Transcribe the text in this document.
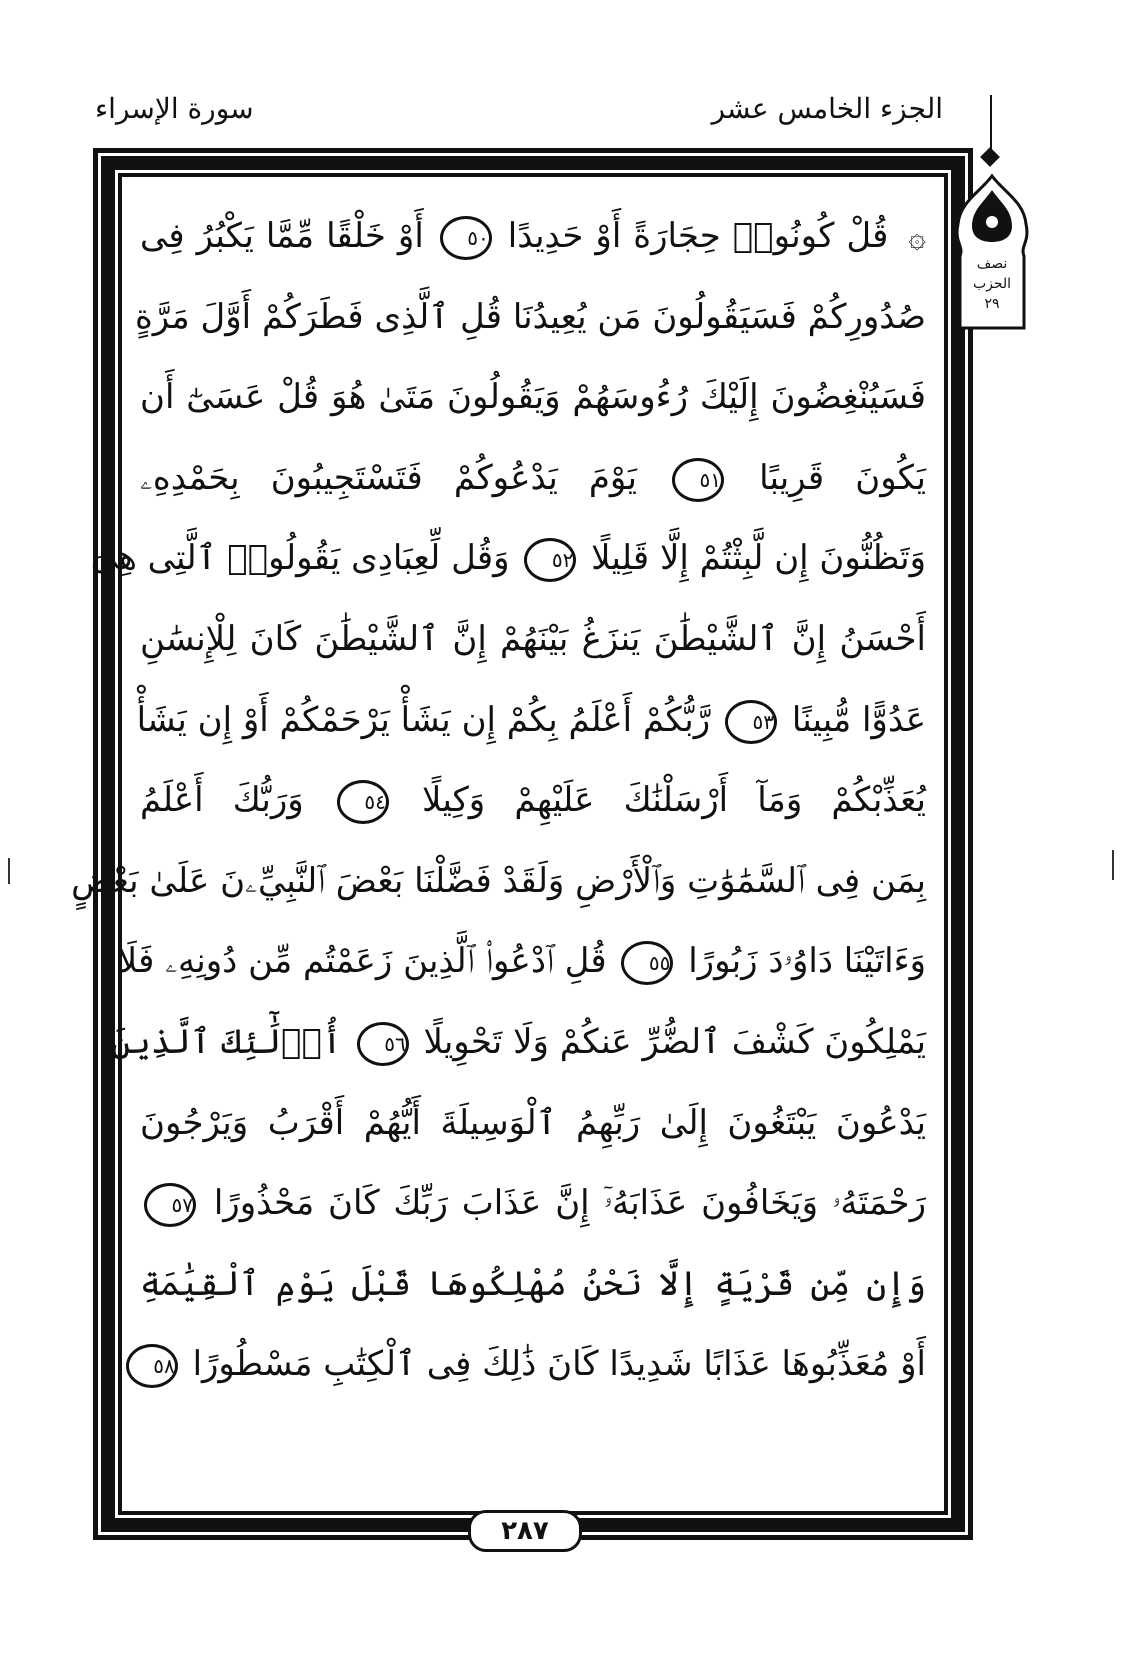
الجزء الخامس عشر
سورة الإسراء
۞ قُلْ كُونُوا۟ حِجَارَةً أَوْ حَدِيدًا ٥٠ أَوْ خَلْقًا مِّمَّا يَكْبُرُ فِى
صُدُورِكُمْ فَسَيَقُولُونَ مَن يُعِيدُنَا قُلِ ٱلَّذِى فَطَرَكُمْ أَوَّلَ مَرَّةٍ
فَسَيُنْغِضُونَ إِلَيْكَ رُءُوسَهُمْ وَيَقُولُونَ مَتَىٰ هُوَ قُلْ عَسَىٰٓ أَن
يَكُونَ قَرِيبًا ٥١ يَوْمَ يَدْعُوكُمْ فَتَسْتَجِيبُونَ بِحَمْدِهِۦ
وَتَظُنُّونَ إِن لَّبِثْتُمْ إِلَّا قَلِيلًا ٥٢ وَقُل لِّعِبَادِى يَقُولُوا۟ ٱلَّتِى هِىَ
أَحْسَنُ إِنَّ ٱلشَّيْطَٰنَ يَنزَغُ بَيْنَهُمْ إِنَّ ٱلشَّيْطَٰنَ كَانَ لِلْإِنسَٰنِ
عَدُوًّا مُّبِينًا ٥٣ رَّبُّكُمْ أَعْلَمُ بِكُمْ إِن يَشَأْ يَرْحَمْكُمْ أَوْ إِن يَشَأْ
يُعَذِّبْكُمْ وَمَآ أَرْسَلْنَٰكَ عَلَيْهِمْ وَكِيلًا ٥٤ وَرَبُّكَ أَعْلَمُ
بِمَن فِى ٱلسَّمَٰوَٰتِ وَٱلْأَرْضِ وَلَقَدْ فَضَّلْنَا بَعْضَ ٱلنَّبِيِّۦنَ عَلَىٰ بَعْضٍ
وَءَاتَيْنَا دَاوُۥدَ زَبُورًا ٥٥ قُلِ ٱدْعُوا۟ ٱلَّذِينَ زَعَمْتُم مِّن دُونِهِۦ فَلَا
يَمْلِكُونَ كَشْفَ ٱلضُّرِّ عَنكُمْ وَلَا تَحْوِيلًا ٥٦ أُو۟لَٰٓئِكَ ٱلَّذِينَ
يَدْعُونَ يَبْتَغُونَ إِلَىٰ رَبِّهِمُ ٱلْوَسِيلَةَ أَيُّهُمْ أَقْرَبُ وَيَرْجُونَ
رَحْمَتَهُۥ وَيَخَافُونَ عَذَابَهُۥٓ إِنَّ عَذَابَ رَبِّكَ كَانَ مَحْذُورًا ٥٧
وَإِن مِّن قَرْيَةٍ إِلَّا نَحْنُ مُهْلِكُوهَا قَبْلَ يَوْمِ ٱلْقِيَٰمَةِ
أَوْ مُعَذِّبُوهَا عَذَابًا شَدِيدًا كَانَ ذَٰلِكَ فِى ٱلْكِتَٰبِ مَسْطُورًا ٥٨
٢٨٧
نصف
الحزب
٢٩
